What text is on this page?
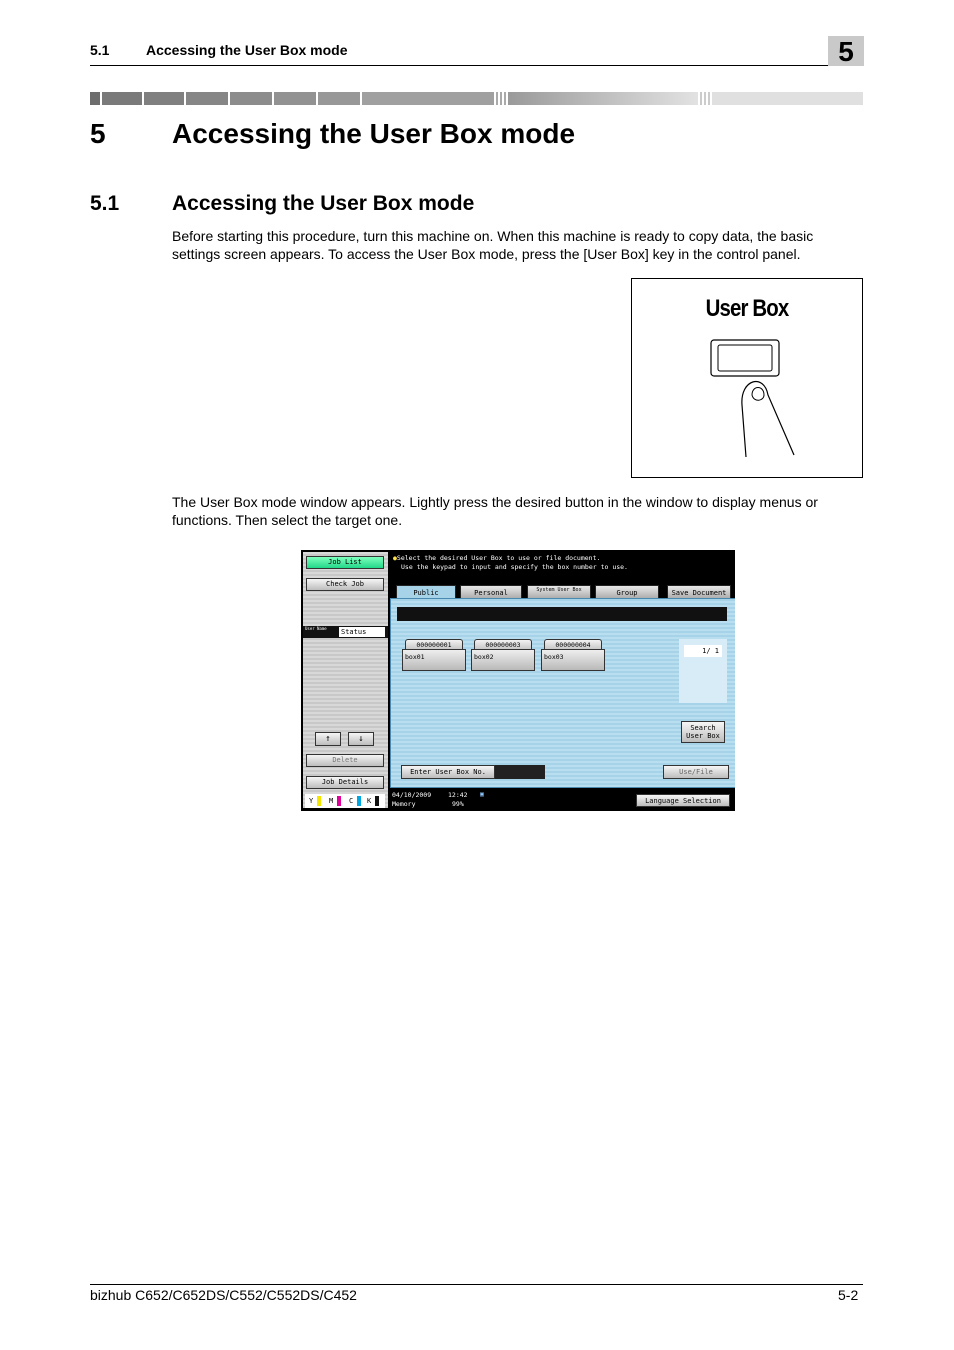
5.1	Accessing the User Box mode	5
5 Accessing the User Box mode
5.1	Accessing the User Box mode
Before starting this procedure, turn this machine on. When this machine is ready to copy data, the basic settings screen appears. To access the User Box mode, press the [User Box] key in the control panel.
User Box
The User Box mode window appears. Lightly press the desired button in the window to display menus or functions. Then select the target one.
Job List
Check Job
User Name	Status
↑	↓
Delete
Job Details
Y M C K
●Select the desired User Box to use or file document.
Use the keypad to input and specify the box number to use.
Public	Personal	System User Box	Group	Save Document
000000001
box01
000000003
box02
000000004
box03
1/ 1
Search User Box
Enter User Box No.	Use/File
04/10/2009	12:42 ▣
Memory	99%	Language Selection
bizhub C652/C652DS/C552/C552DS/C452	5-2
